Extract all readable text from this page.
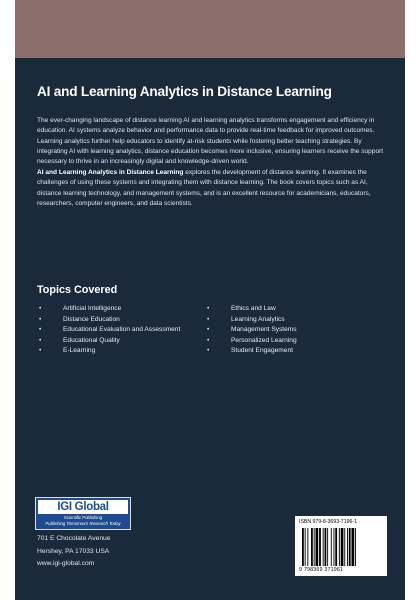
AI and Learning Analytics in Distance Learning

The ever-changing landscape of distance learning AI and learning analytics transforms engagement and efficiency in education. AI systems analyze behavior and performance data to provide real-time feedback for improved outcomes. Learning analytics further help educators to identify at-risk students while fostering better teaching strategies. By integrating AI with learning analytics, distance education becomes more inclusive, ensuring learners receive the support necessary to thrive in an increasingly digital and knowledge-driven world.

AI and Learning Analytics in Distance Learning explores the development of distance learning. It examines the challenges of using these systems and integrating them with distance learning. The book covers topics such as AI, distance learning technology, and management systems, and is an excellent resource for academicians, educators, researchers, computer engineers, and data scientists.

Topics Covered
• Artificial Intelligence
• Distance Education
• Educational Evaluation and Assessment
• Educational Quality
• E-Learning
• Ethics and Law
• Learning Analytics
• Management Systems
• Personalized Learning
• Student Engagement
IGI Global
Scientific Publishing
Publishing Tomorrow's Research Today
701 E Chocolate Avenue
Hershey, PA 17033 USA
www.igi-global.com
ISBN 979-8-3693-7196-1
9 798369 371961
